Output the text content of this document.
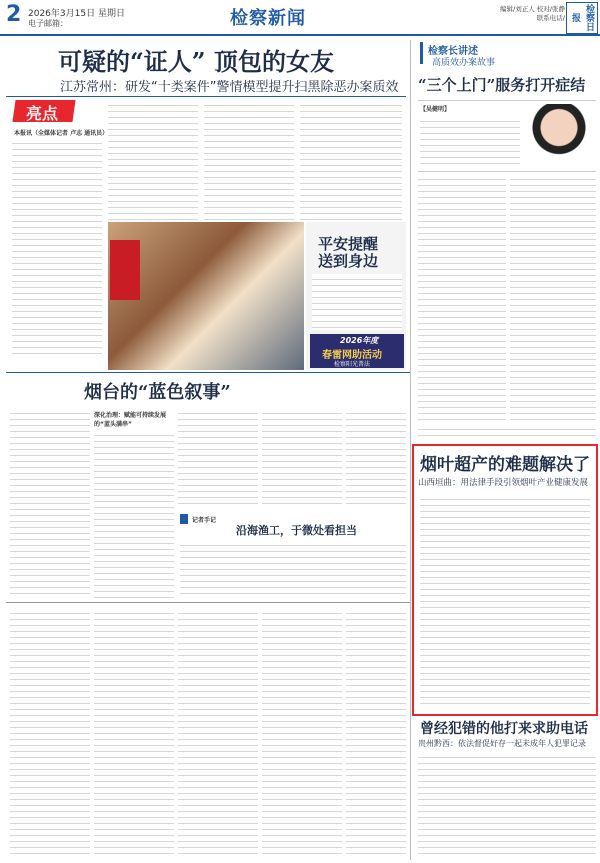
2 2026年3月15日 星期日
电子邮箱：	检察新闻	编辑/刘正人 校对/张静
联系电话/	检察日报
可疑的“证人” 顶包的女友
江苏常州：研发“十类案件”警情模型提升扫黑除恶办案质效
亮点
本报讯（全媒体记者 卢志 通讯员）
检察长讲述
高质效办案故事
“三个上门”服务打开症结
【吴健明】
平安提醒
送到身边
2026年度
春雷网助活动
检察阳光普法
烟台的“蓝色叙事”
深化治理：赋能可持续发展的“蓝头满串”
记者手记
沿海渔工，于微处看担当
烟叶超产的难题解决了
山西垣曲：用法律手段引领烟叶产业健康发展
曾经犯错的他打来求助电话
贵州黔西：依法督促好存一起未成年人犯罪记录
